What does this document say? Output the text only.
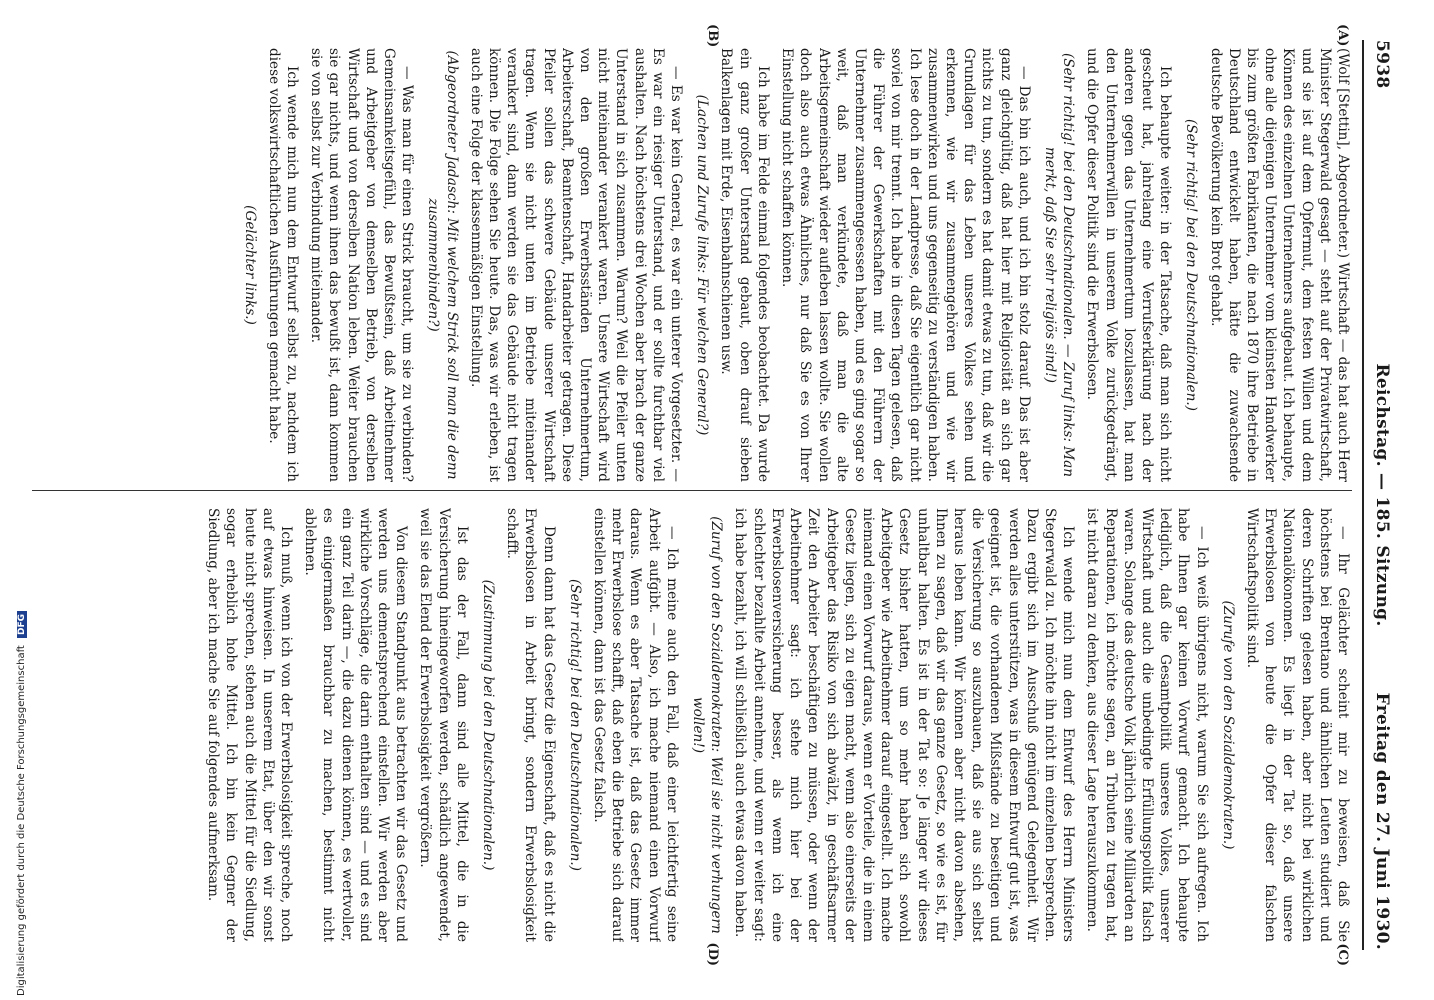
5938
Reichstag. — 185. Sitzung.
Freitag den 27. Juni 1930.
(A)
(B)
(C)
(D)

(Wolf [Stettin], Abgeordneter.) Wirtschaft — das hat auch Herr Minister Stegerwald gesagt — steht auf der Privatwirtschaft, und sie ist auf dem Opfermut, dem festen Willen und dem Können des einzelnen Unternehmers aufgebaut. Ich behaupte, ohne alle diejenigen Unternehmer vom kleinsten Handwerker bis zum größten Fabrikanten, die nach 1870 ihre Betriebe in Deutschland entwickelt haben, hätte die zuwachsende deutsche Bevölkerung kein Brot gehabt.

(Sehr richtig! bei den Deutschnationalen.)

Ich behaupte weiter: in der Tatsache, daß man sich nicht gescheut hat, jahrelang eine Verrufserklärung nach der anderen gegen das Unternehmertum loszulassen, hat man den Unternehmerwillen in unserem Volke zurückgedrängt, und die Opfer dieser Politik sind die Erwerbslosen.

(Sehr richtig! bei den Deutschnationalen. — Zuruf links: Man merkt, daß Sie sehr religiös sind!)

— Das bin ich auch, und ich bin stolz darauf. Das ist aber ganz gleichgültig, daß hat hier mit Religiosität an sich gar nichts zu tun, sondern es hat damit etwas zu tun, daß wir die Grundlagen für das Leben unseres Volkes sehen und erkennen, wie wir zusammengehören und wie wir zusammenwirken und uns gegenseitig zu verständigen haben. Ich lese doch in der Landpresse, daß Sie eigentlich gar nicht soviel von mir trennt. Ich habe in diesen Tagen gelesen, daß die Führer der Gewerkschaften mit den Führern der Unternehmer zusammengesessen haben, und es ging sogar so weit, daß man verkündete, daß man die alte Arbeitsgemeinschaft wieder aufleben lassen wollte. Sie wollen doch also auch etwas Ähnliches, nur daß Sie es von Ihrer Einstellung nicht schaffen können.

Ich habe im Felde einmal folgendes beobachtet. Da wurde ein ganz großer Unterstand gebaut, oben drauf sieben Balkenlagen mit Erde, Eisenbahnschienen usw.

(Lachen und Zurufe links: Für welchen General?)

— Es war kein General, es war ein unterer Vorgesetzter. — Es war ein riesiger Unterstand, und er sollte furchtbar viel aushalten. Nach höchstens drei Wochen aber brach der ganze Unterstand in sich zusammen. Warum? Weil die Pfeiler unten nicht miteinander verankert waren. Unsere Wirtschaft wird von den großen Erwerbsständen Unternehmertum, Arbeiterschaft, Beamtenschaft, Handarbeiter getragen. Diese Pfeiler sollen das schwere Gebäude unserer Wirtschaft tragen. Wenn sie nicht unten im Betriebe miteinander verankert sind, dann werden sie das Gebäude nicht tragen können. Die Folge sehen Sie heute. Das, was wir erleben, ist auch eine Folge der klassenmäßigen Einstellung.

(Abgeordneter Jadasch: Mit welchem Strick soll man die denn zusammenbinden?)

— Was man für einen Strick braucht, um sie zu verbinden? Gemeinsamkeitsgefühl, das Bewußtsein, daß Arbeitnehmer und Arbeitgeber von demselben Betrieb, von derselben Wirtschaft und von derselben Nation leben. Weiter brauchen sie gar nichts, und wenn ihnen das bewußt ist, dann kommen sie von selbst zur Verbindung miteinander.

Ich wende mich nun dem Entwurf selbst zu, nachdem ich diese volkswirtschaftlichen Ausführungen gemacht habe.

(Gelächter links.)

— Ihr Gelächter scheint mir zu beweisen, daß Sie höchstens bei Brentano und ähnlichen Leuten studiert und deren Schriften gelesen haben, aber nicht bei wirklichen Nationalökonomen. Es liegt in der Tat so, daß unsere Erwerbslosen von heute die Opfer dieser falschen Wirtschaftspolitik sind.

(Zurufe von den Sozialdemokraten.)

— Ich weiß übrigens nicht, warum Sie sich aufregen. Ich habe Ihnen gar keinen Vorwurf gemacht. Ich behaupte lediglich, daß die Gesamtpolitik unseres Volkes, unserer Wirtschaft und auch die unbedingte Erfüllungspolitik falsch waren. Solange das deutsche Volk jährlich seine Milliarden an Reparationen, ich möchte sagen, an Tributen zu tragen hat, ist nicht daran zu denken, aus dieser Lage herauszukommen.

Ich wende mich nun dem Entwurf des Herrn Ministers Stegerwald zu. Ich möchte ihn nicht im einzelnen besprechen. Dazu ergibt sich im Ausschuß genügend Gelegenheit. Wir werden alles unterstützen, was in diesem Entwurf gut ist, was geeignet ist, die vorhandenen Mißstände zu beseitigen und die Versicherung so auszubauen, daß sie aus sich selbst heraus leben kann. Wir können aber nicht davon absehen, Ihnen zu sagen, daß wir das ganze Gesetz, so wie es ist, für unhaltbar halten. Es ist in der Tat so: Je länger wir dieses Gesetz bisher hatten, um so mehr haben sich sowohl Arbeitgeber wie Arbeitnehmer darauf eingestellt. Ich mache niemand einen Vorwurf daraus, wenn er Vorteile, die in einem Gesetz liegen, sich zu eigen macht, wenn also einerseits der Arbeitgeber das Risiko von sich abwälzt, in geschäftsarmer Zeit den Arbeiter beschäftigen zu müssen, oder wenn der Arbeitnehmer sagt: ich stehe mich hier bei der Erwerbslosenversicherung besser, als wenn ich eine schlechter bezahlte Arbeit annehme, und wenn er weiter sagt: ich habe bezahlt, ich will schließlich auch etwas davon haben.

(Zuruf von den Sozialdemokraten: Weil sie nicht verhungern wollen!)

— Ich meine auch den Fall, daß einer leichtfertig seine Arbeit aufgibt. — Also, ich mache niemand einen Vorwurf daraus. Wenn es aber Tatsache ist, daß das Gesetz immer mehr Erwerbslose schafft, daß eben die Betriebe sich darauf einstellen können, dann ist das Gesetz falsch.

(Sehr richtig! bei den Deutschnationalen.)

Denn dann hat das Gesetz die Eigenschaft, daß es nicht die Erwerbslosen in Arbeit bringt, sondern Erwerbslosigkeit schafft.

(Zustimmung bei den Deutschnationalen.)

Ist das der Fall, dann sind alle Mittel, die in die Versicherung hineingeworfen werden, schädlich angewendet, weil sie das Elend der Erwerbslosigkeit vergrößern.

Von diesem Standpunkt aus betrachten wir das Gesetz und werden uns dementsprechend einstellen. Wir werden aber wirkliche Vorschläge, die darin enthalten sind — und es sind ein ganz Teil darin —, die dazu dienen können, es wertvoller, es einigermaßen brauchbar zu machen, bestimmt nicht ablehnen.

Ich muß, wenn ich von der Erwerbslosigkeit spreche, noch auf etwas hinweisen. In unserem Etat, über den wir sonst heute nicht sprechen, stehen auch die Mittel für die Siedlung, sogar erheblich hohe Mittel. Ich bin kein Gegner der Siedlung, aber ich mache Sie auf folgendes aufmerksam.

Digitalisierung gefördert durch die Deutsche Forschungsgemeinschaft DFG
